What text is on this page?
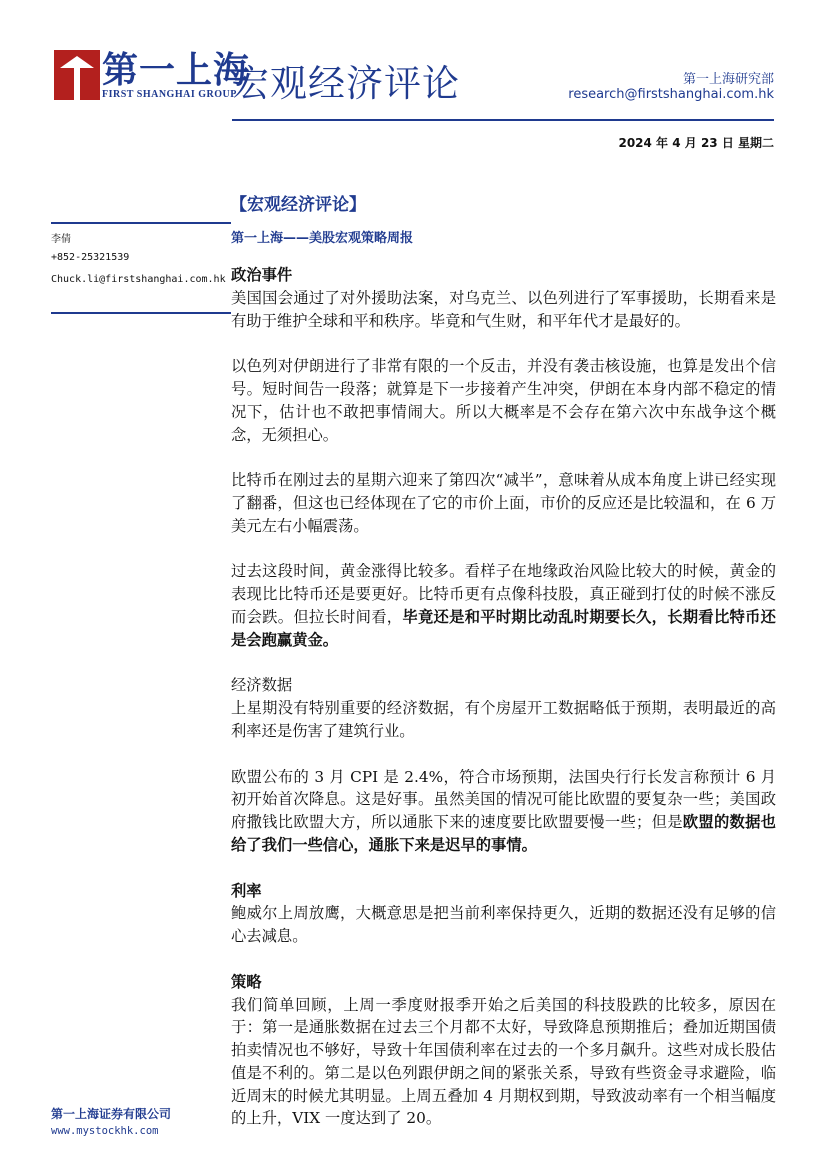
第一上海
FIRST SHANGHAI GROUP
宏观经济评论	第一上海研究部
research@firstshanghai.com.hk
2024 年 4 月 23 日 星期二
【宏观经济评论】
李倩
+852-25321539
Chuck.li@firstshanghai.com.hk
第一上海——美股宏观策略周报
政治事件

美国国会通过了对外援助法案，对乌克兰、以色列进行了军事援助，长期看来是有助于维护全球和平和秩序。毕竟和气生财，和平年代才是最好的。

以色列对伊朗进行了非常有限的一个反击，并没有袭击核设施，也算是发出个信号。短时间告一段落；就算是下一步接着产生冲突，伊朗在本身内部不稳定的情况下，估计也不敢把事情闹大。所以大概率是不会存在第六次中东战争这个概念，无须担心。

比特币在刚过去的星期六迎来了第四次“减半”，意味着从成本角度上讲已经实现了翻番，但这也已经体现在了它的市价上面，市价的反应还是比较温和，在 6 万美元左右小幅震荡。

过去这段时间，黄金涨得比较多。看样子在地缘政治风险比较大的时候，黄金的表现比比特币还是要更好。比特币更有点像科技股，真正碰到打仗的时候不涨反而会跌。但拉长时间看，毕竟还是和平时期比动乱时期要长久，长期看比特币还是会跑赢黄金。

经济数据

上星期没有特别重要的经济数据，有个房屋开工数据略低于预期，表明最近的高利率还是伤害了建筑行业。

欧盟公布的 3 月 CPI 是 2.4%，符合市场预期，法国央行行长发言称预计 6 月初开始首次降息。这是好事。虽然美国的情况可能比欧盟的要复杂一些；美国政府撒钱比欧盟大方，所以通胀下来的速度要比欧盟要慢一些；但是欧盟的数据也给了我们一些信心，通胀下来是迟早的事情。

利率

鲍威尔上周放鹰，大概意思是把当前利率保持更久，近期的数据还没有足够的信心去减息。

策略

我们简单回顾，上周一季度财报季开始之后美国的科技股跌的比较多，原因在于：第一是通胀数据在过去三个月都不太好，导致降息预期推后；叠加近期国债拍卖情况也不够好，导致十年国债利率在过去的一个多月飙升。这些对成长股估值是不利的。第二是以色列跟伊朗之间的紧张关系，导致有些资金寻求避险，临近周末的时候尤其明显。上周五叠加 4 月期权到期，导致波动率有一个相当幅度的上升，VIX 一度达到了 20。

第一上海证券有限公司
www.mystockhk.com
